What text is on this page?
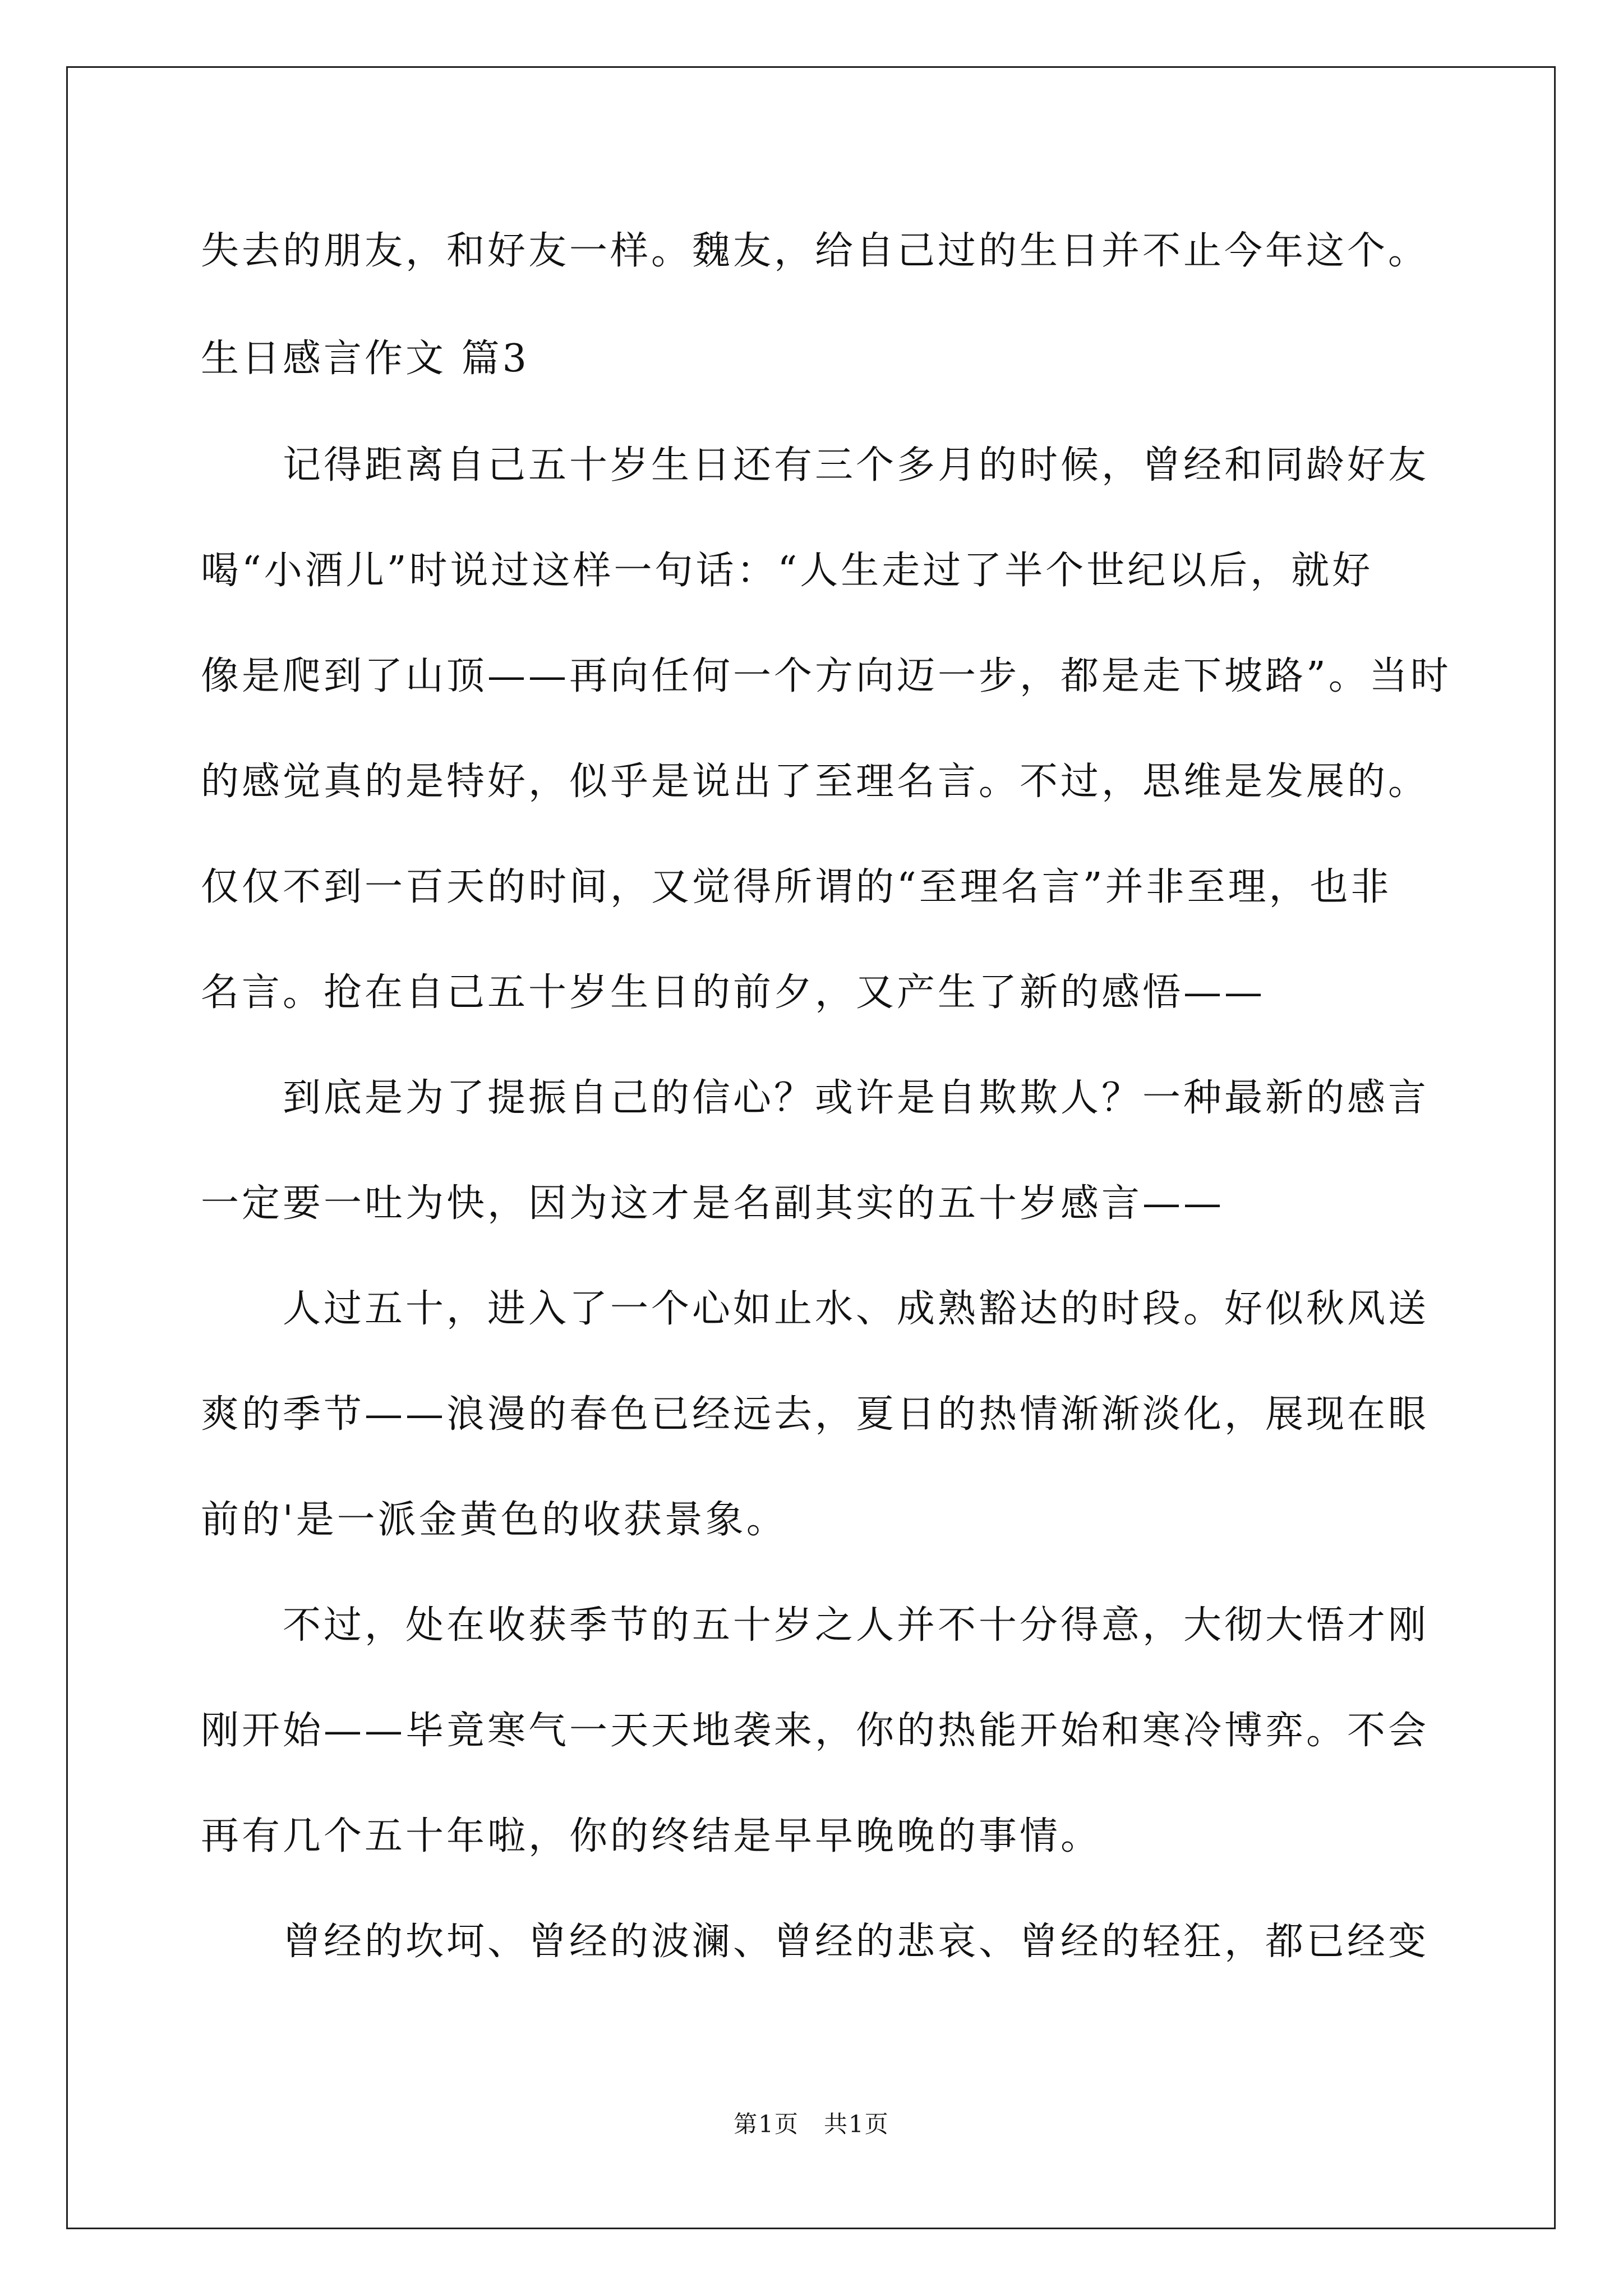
失去的朋友，和好友一样。魏友，给自己过的生日并不止今年这个。
生日感言作文 篇3
　　记得距离自己五十岁生日还有三个多月的时候，曾经和同龄好友
喝“小酒儿”时说过这样一句话：“人生走过了半个世纪以后，就好
像是爬到了山顶——再向任何一个方向迈一步，都是走下坡路”。当时
的感觉真的是特好，似乎是说出了至理名言。不过，思维是发展的。
仅仅不到一百天的时间，又觉得所谓的“至理名言”并非至理，也非
名言。抢在自己五十岁生日的前夕，又产生了新的感悟——
　　到底是为了提振自己的信心？或许是自欺欺人？一种最新的感言
一定要一吐为快，因为这才是名副其实的五十岁感言——
　　人过五十，进入了一个心如止水、成熟豁达的时段。好似秋风送
爽的季节——浪漫的春色已经远去，夏日的热情渐渐淡化，展现在眼
前的'是一派金黄色的收获景象。
　　不过，处在收获季节的五十岁之人并不十分得意，大彻大悟才刚
刚开始——毕竟寒气一天天地袭来，你的热能开始和寒冷博弈。不会
再有几个五十年啦，你的终结是早早晚晚的事情。
　　曾经的坎坷、曾经的波澜、曾经的悲哀、曾经的轻狂，都已经变
第1页　共1页
